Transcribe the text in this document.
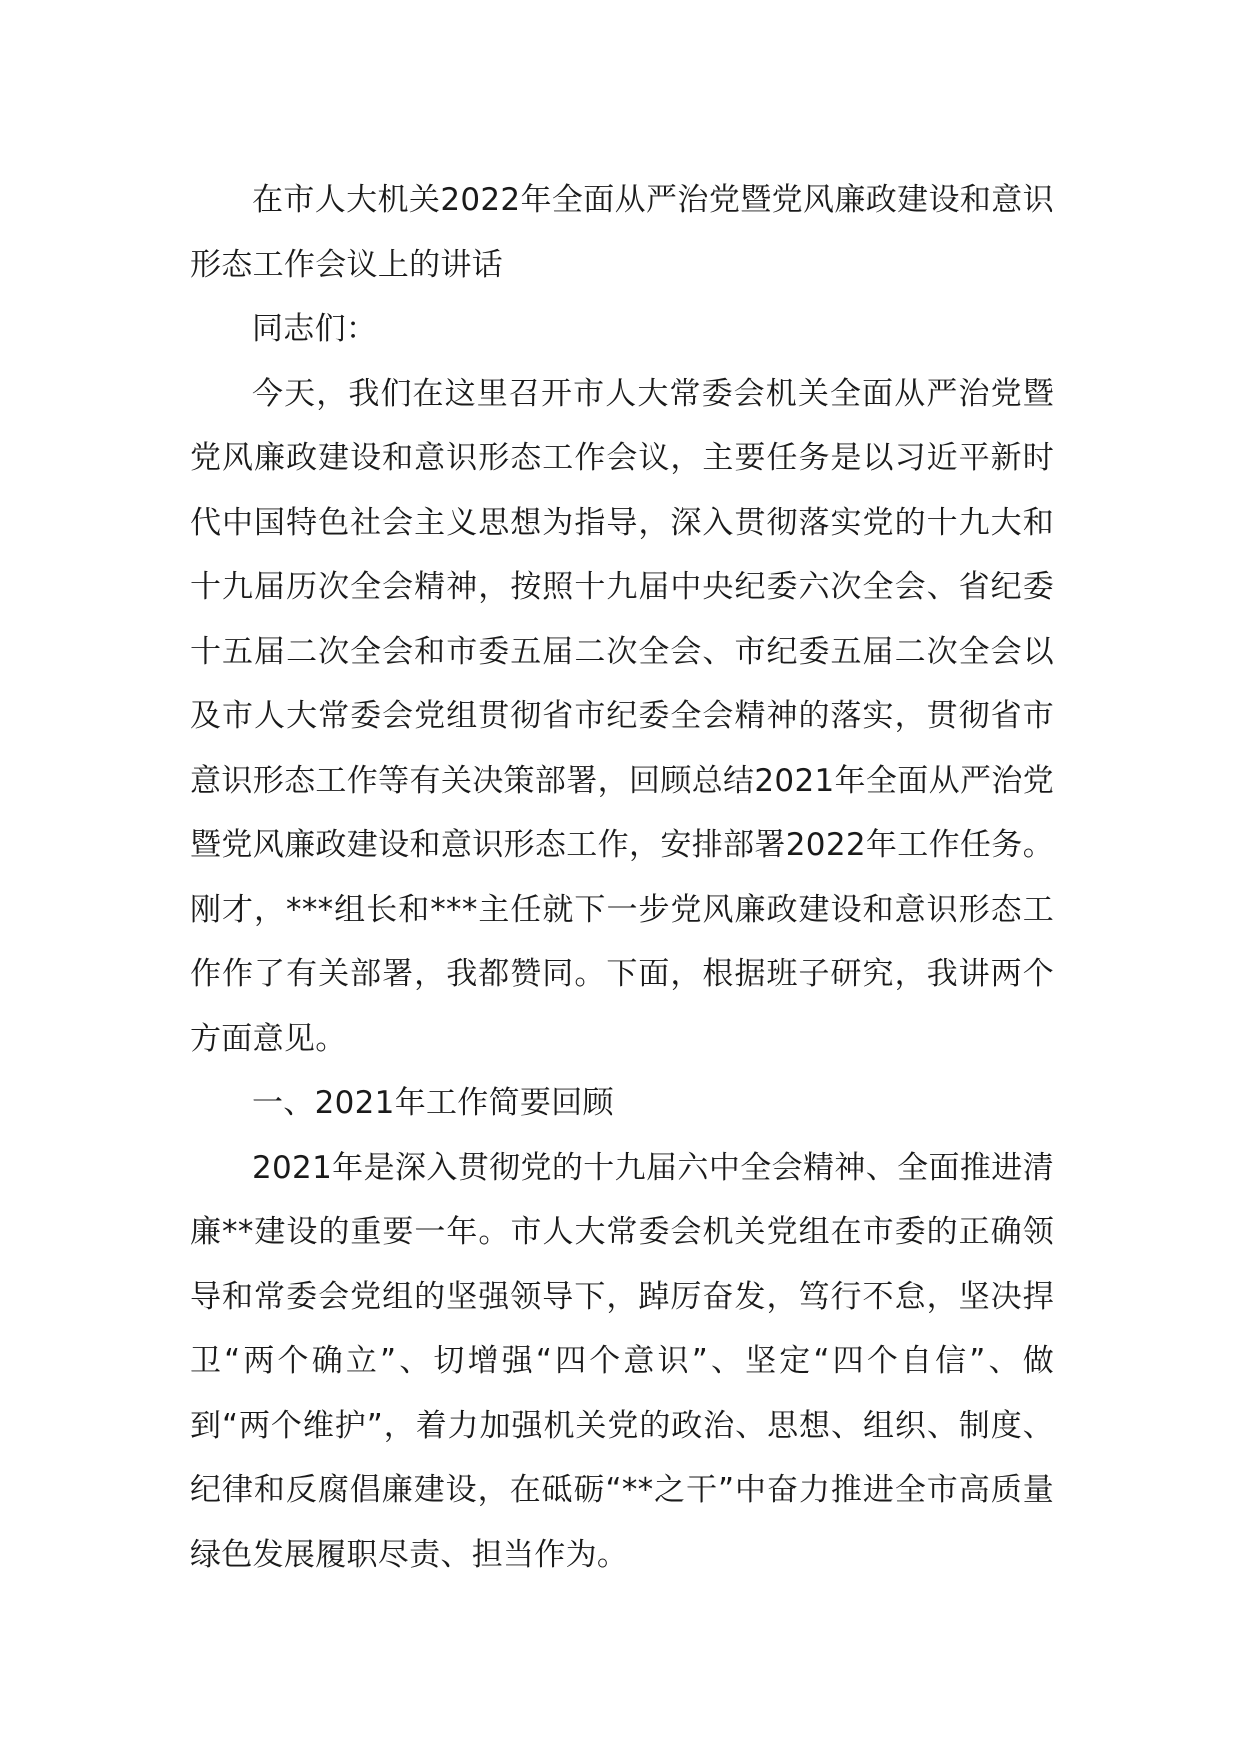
在市人大机关2022年全面从严治党暨党风廉政建设和意识形态工作会议上的讲话

同志们：

今天，我们在这里召开市人大常委会机关全面从严治党暨党风廉政建设和意识形态工作会议，主要任务是以习近平新时代中国特色社会主义思想为指导，深入贯彻落实党的十九大和十九届历次全会精神，按照十九届中央纪委六次全会、省纪委十五届二次全会和市委五届二次全会、市纪委五届二次全会以及市人大常委会党组贯彻省市纪委全会精神的落实，贯彻省市意识形态工作等有关决策部署，回顾总结2021年全面从严治党暨党风廉政建设和意识形态工作，安排部署2022年工作任务。刚才，***组长和***主任就下一步党风廉政建设和意识形态工作作了有关部署，我都赞同。下面，根据班子研究，我讲两个方面意见。

一、2021年工作简要回顾

2021年是深入贯彻党的十九届六中全会精神、全面推进清廉**建设的重要一年。市人大常委会机关党组在市委的正确领导和常委会党组的坚强领导下，踔厉奋发，笃行不怠，坚决捍卫“两个确立”、切增强“四个意识”、坚定“四个自信”、做到“两个维护”，着力加强机关党的政治、思想、组织、制度、纪律和反腐倡廉建设，在砥砺“**之干”中奋力推进全市高质量绿色发展履职尽责、担当作为。
